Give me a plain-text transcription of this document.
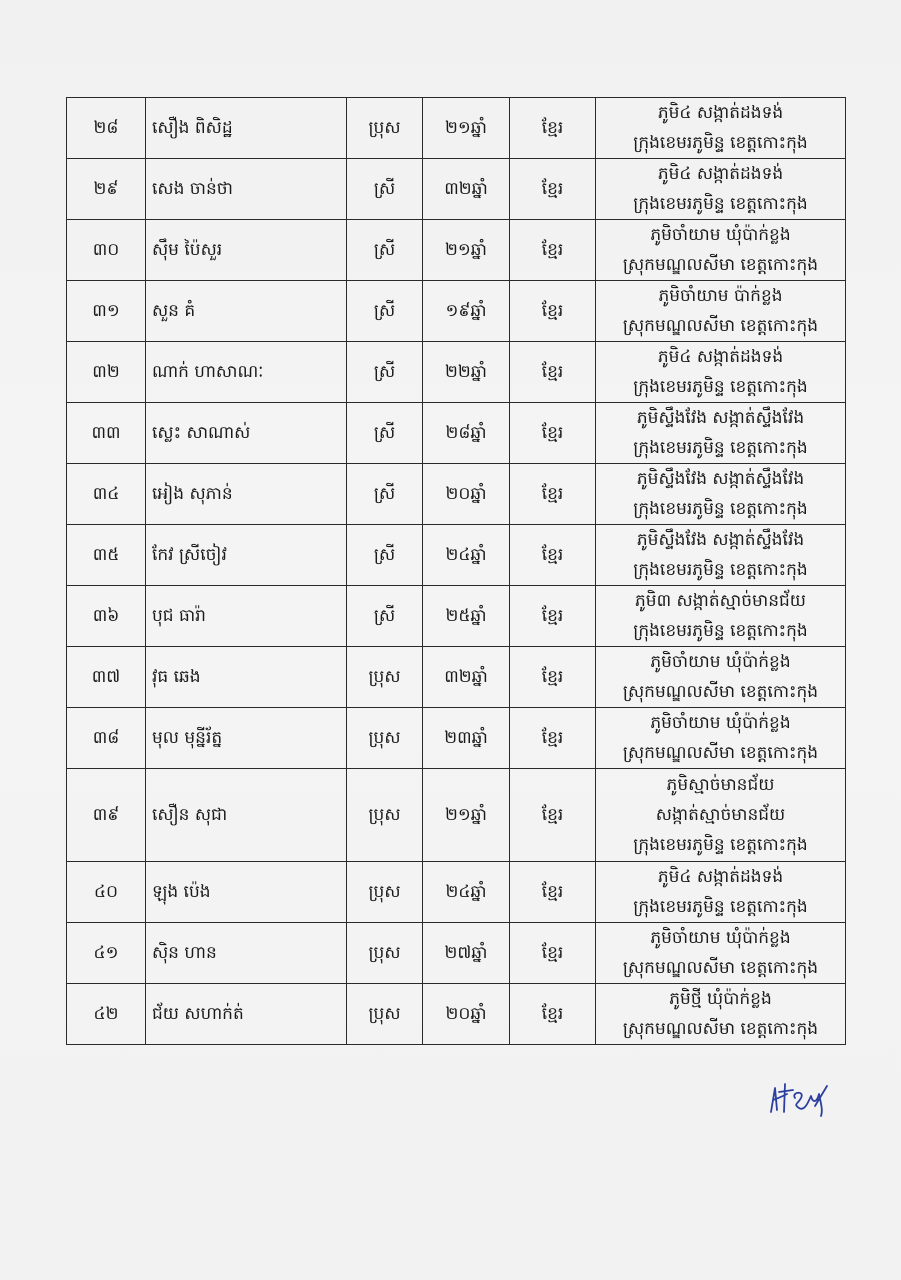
២៨	សឿង ពិសិដ្ឋ	ប្រុស	២១ឆ្នាំ	ខ្មែរ	ភូមិ៤ សង្កាត់ដងទង់
ក្រុងខេមរភូមិន្ទ ខេត្តកោះកុង

២៩	សេង ចាន់ថា	ស្រី	៣២ឆ្នាំ	ខ្មែរ	ភូមិ៤ សង្កាត់ដងទង់
ក្រុងខេមរភូមិន្ទ ខេត្តកោះកុង

៣០	ស៊ឹម ប៉ៃសួរ	ស្រី	២១ឆ្នាំ	ខ្មែរ	ភូមិចាំយាម ឃុំប៉ាក់ខ្លង
ស្រុកមណ្ឌលសីមា ខេត្តកោះកុង

៣១	សួន គំ	ស្រី	១៩ឆ្នាំ	ខ្មែរ	ភូមិចាំយាម ប៉ាក់ខ្លង
ស្រុកមណ្ឌលសីមា ខេត្តកោះកុង

៣២	ណាក់ ហាសាណៈ	ស្រី	២២ឆ្នាំ	ខ្មែរ	ភូមិ៤ សង្កាត់ដងទង់
ក្រុងខេមរភូមិន្ទ ខេត្តកោះកុង

៣៣	ស្លេះ សាណាស់	ស្រី	២៨ឆ្នាំ	ខ្មែរ	ភូមិស្ទឹងវែង សង្កាត់ស្ទឹងវែង
ក្រុងខេមរភូមិន្ទ ខេត្តកោះកុង

៣៤	អៀង សុភាន់	ស្រី	២០ឆ្នាំ	ខ្មែរ	ភូមិស្ទឹងវែង សង្កាត់ស្ទឹងវែង
ក្រុងខេមរភូមិន្ទ ខេត្តកោះកុង

៣៥	កែវ ស្រីចៀវ	ស្រី	២៤ឆ្នាំ	ខ្មែរ	ភូមិស្ទឹងវែង សង្កាត់ស្ទឹងវែង
ក្រុងខេមរភូមិន្ទ ខេត្តកោះកុង

៣៦	បុជ ធារ៉ា	ស្រី	២៥ឆ្នាំ	ខ្មែរ	ភូមិ៣ សង្កាត់ស្មាច់មានជ័យ
ក្រុងខេមរភូមិន្ទ ខេត្តកោះកុង

៣៧	វុធ ឆេង	ប្រុស	៣២ឆ្នាំ	ខ្មែរ	ភូមិចាំយាម ឃុំប៉ាក់ខ្លង
ស្រុកមណ្ឌលសីមា ខេត្តកោះកុង

៣៨	មុល មុន្នីរ័ត្ន	ប្រុស	២៣ឆ្នាំ	ខ្មែរ	ភូមិចាំយាម ឃុំប៉ាក់ខ្លង
ស្រុកមណ្ឌលសីមា ខេត្តកោះកុង

៣៩	សឿន សុជា	ប្រុស	២១ឆ្នាំ	ខ្មែរ	ភូមិស្មាច់មានជ័យ
សង្កាត់ស្មាច់មានជ័យ
ក្រុងខេមរភូមិន្ទ ខេត្តកោះកុង

៤០	ឡុង ប៉េង	ប្រុស	២៤ឆ្នាំ	ខ្មែរ	ភូមិ៤ សង្កាត់ដងទង់
ក្រុងខេមរភូមិន្ទ ខេត្តកោះកុង

៤១	ស៊ិន ហាន	ប្រុស	២៧ឆ្នាំ	ខ្មែរ	ភូមិចាំយាម ឃុំប៉ាក់ខ្លង
ស្រុកមណ្ឌលសីមា ខេត្តកោះកុង

៤២	ជ័យ សហាក់ត់	ប្រុស	២០ឆ្នាំ	ខ្មែរ	ភូមិថ្មី ឃុំប៉ាក់ខ្លង
ស្រុកមណ្ឌលសីមា ខេត្តកោះកុង
